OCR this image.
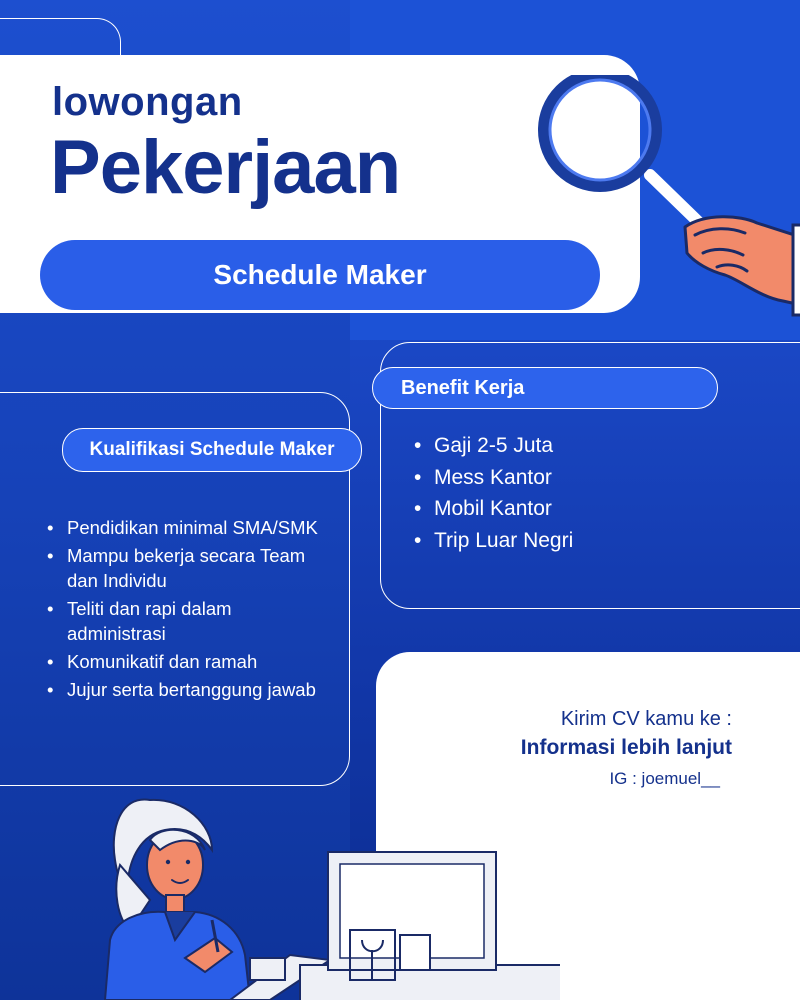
lowongan
Pekerjaan
Schedule Maker
Kualifikasi Schedule Maker
• Pendidikan minimal SMA/SMK
• Mampu bekerja secara Team dan Individu
• Teliti dan rapi dalam administrasi
• Komunikatif dan ramah
• Jujur serta bertanggung jawab
Benefit Kerja
• Gaji 2-5 Juta
• Mess Kantor
• Mobil Kantor
• Trip Luar Negri
Kirim CV kamu ke :
Informasi lebih lanjut
IG : joemuel__
